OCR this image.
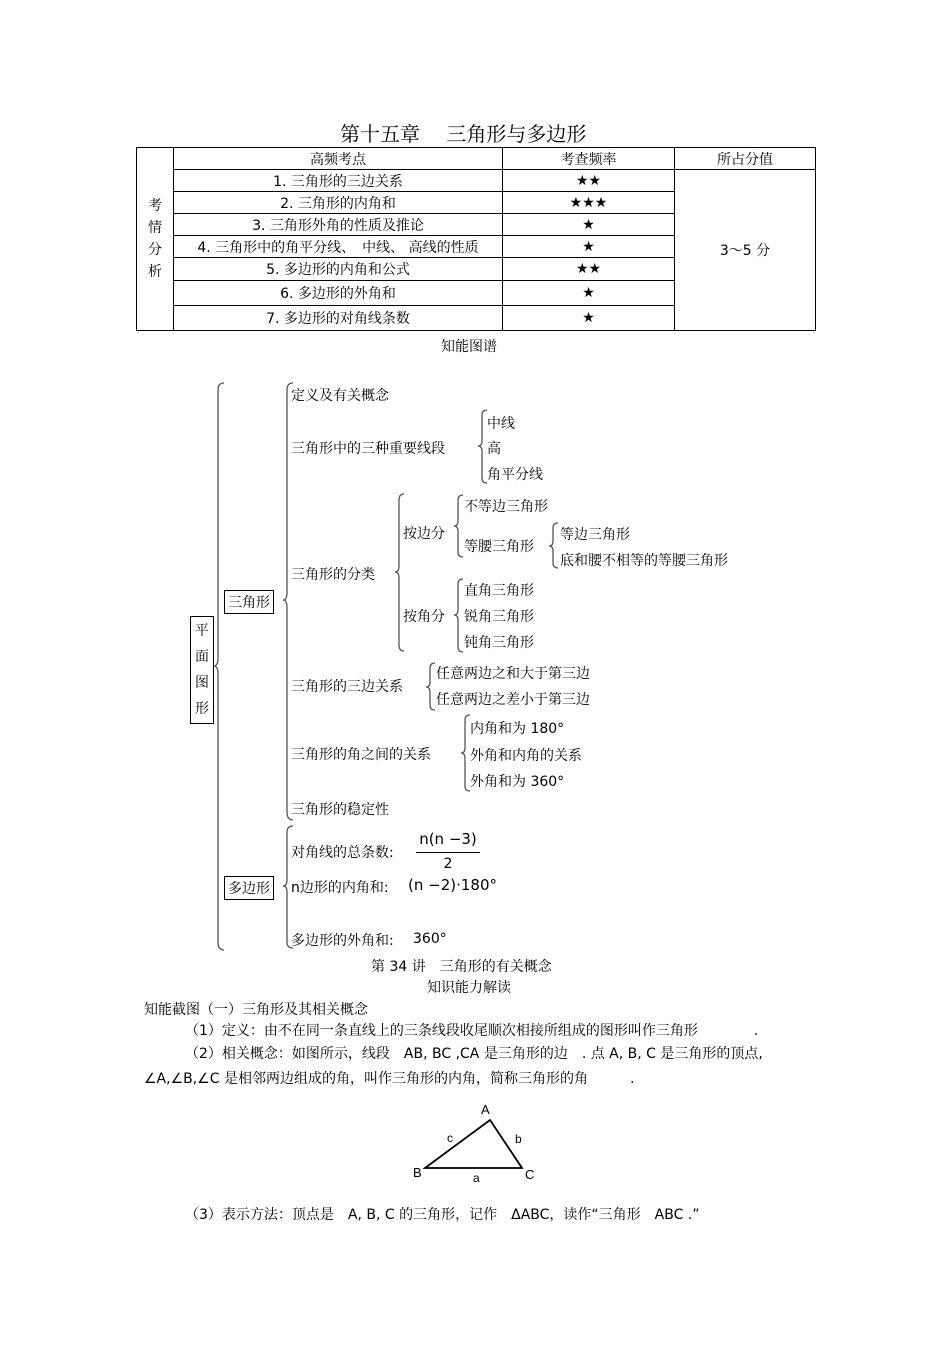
第十五章　 三角形与多边形
考
情
分
析	高频考点	考查频率	所占分值
	1. 三角形的三边关系	★★	3～5 分
	2. 三角形的内角和	★★★	
	3. 三角形外角的性质及推论	★	
	4. 三角形中的角平分线、　中线、 高线的性质	★	
	5. 多边形的内角和公式	★★	
	6. 多边形的外角和	★	
	7. 多边形的对角线条数	★	
知能图谱
平
面
图
形
三角形
定义及有关概念
三角形中的三种重要线段
中线
高
角平分线
三角形的分类
按边分
不等边三角形
等腰三角形
等边三角形
底和腰不相等的等腰三角形
按角分
直角三角形
锐角三角形
钝角三角形
三角形的三边关系
任意两边之和大于第三边
任意两边之差小于第三边
三角形的角之间的关系
内角和为 180°
外角和内角的关系
外角和为 360°
三角形的稳定性
多边形
对角线的总条数:
n(n −3)
2
n边形的内角和: (n −2)·180°
多边形的外角和: 360°
第 34 讲　三角形的有关概念
知识能力解读
知能截图（一）三角形及其相关概念
（1）定义：由不在同一条直线上的三条线段收尾顺次相接所组成的图形叫作三角形　　　　.
（2）相关概念：如图所示，线段　AB, BC ,CA 是三角形的边　. 点 A, B, C 是三角形的顶点,
∠A,∠B,∠C 是相邻两边组成的角，叫作三角形的内角，简称三角形的角　　　.
A
B	C
a
b
c
（3）表示方法：顶点是　A, B, C 的三角形，记作　ΔABC，读作“三角形　ABC .”
